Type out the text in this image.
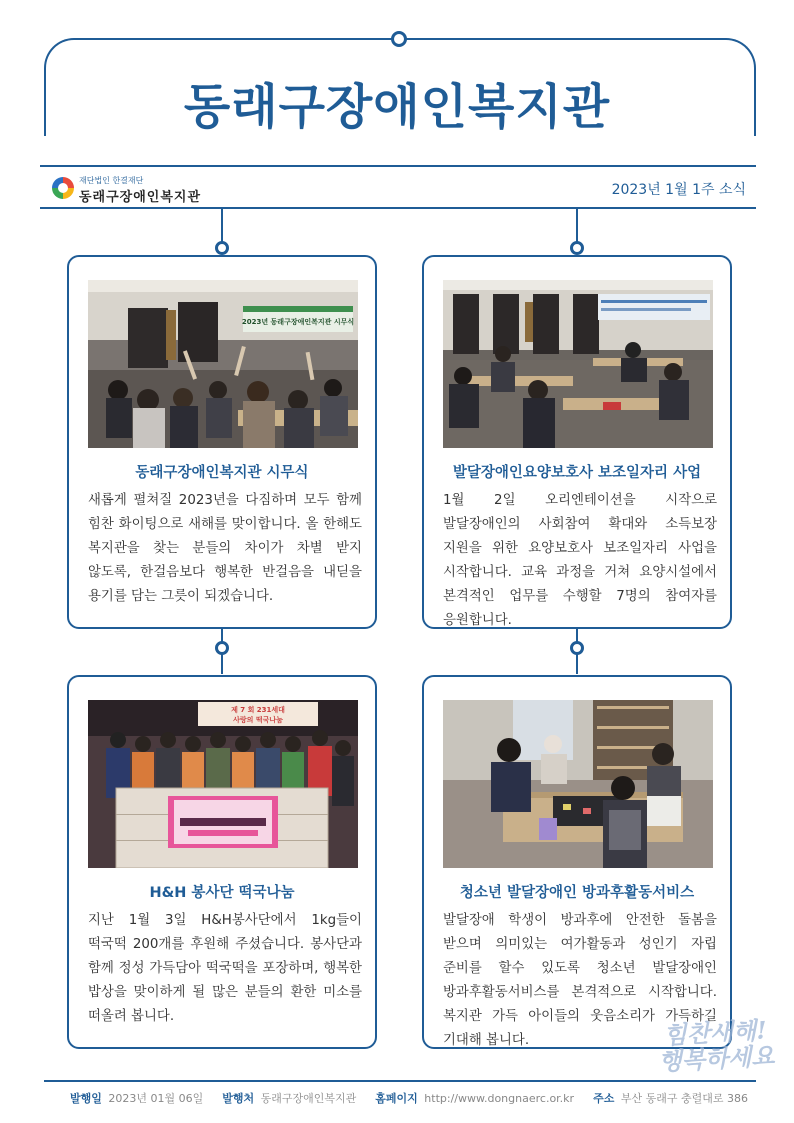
동래구장애인복지관
재단법인 한결재단
동래구장애인복지관	2023년 1월 1주 소식
2023년 동래구장애인복지관 시무식
동래구장애인복지관 시무식

새롭게 펼쳐질 2023년을 다짐하며 모두 함께 힘찬 화이팅으로 새해를 맞이합니다. 올 한해도 복지관을 찾는 분들의 차이가 차별 받지 않도록, 한걸음보다 행복한 반걸음을 내딛을 용기를 담는 그릇이 되겠습니다.

발달장애인요양보호사 보조일자리 사업

1월 2일 오리엔테이션을 시작으로 발달장애인의 사회참여 확대와 소득보장 지원을 위한 요양보호사 보조일자리 사업을 시작합니다. 교육 과정을 거쳐 요양시설에서 본격적인 업무를 수행할 7명의 참여자를 응원합니다.

제 7 회 231세대
사랑의 떡국나눔
H&H 봉사단 떡국나눔

지난 1월 3일 H&H봉사단에서 1kg들이 떡국떡 200개를 후원해 주셨습니다. 봉사단과 함께 정성 가득담아 떡국떡을 포장하며, 행복한 밥상을 맞이하게 될 많은 분들의 환한 미소를 떠올려 봅니다.

청소년 발달장애인 방과후활동서비스

발달장애 학생이 방과후에 안전한 돌봄을 받으며 의미있는 여가활동과 성인기 자립 준비를 할수 있도록 청소년 발달장애인 방과후활동서비스를 본격적으로 시작합니다. 복지관 가득 아이들의 웃음소리가 가득하길 기대해 봅니다.	힘찬새해!
행복하세요
발행일 2023년 01월 06일 발행처 동래구장애인복지관 홈페이지 http://www.dongnaerc.or.kr 주소 부산 동래구 충렬대로 386
